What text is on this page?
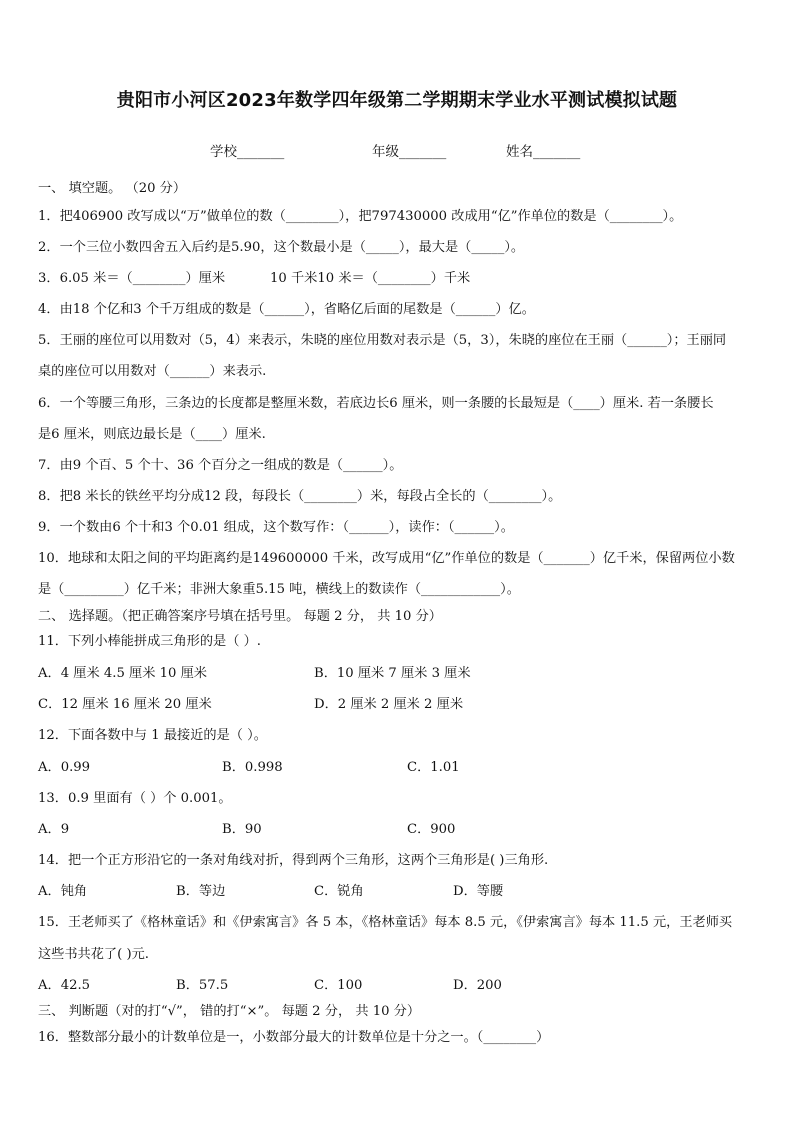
贵阳市小河区2023年数学四年级第二学期期末学业水平测试模拟试题
学校_______	年级_______	姓名_______
一、 填空题。 （20 分）
1．把406900 改写成以“万”做单位的数（________），把797430000 改成用“亿”作单位的数是（________）。
2．一个三位小数四舍五入后约是5.90，这个数最小是（_____），最大是（_____）。
3．6.05 米＝（________）厘米	10 千米10 米＝（________）千米
4．由18 个亿和3 个千万组成的数是（______），省略亿后面的尾数是（______）亿。
5．王丽的座位可以用数对（5，4）来表示，朱晓的座位用数对表示是（5，3），朱晓的座位在王丽（______）；王丽同
桌的座位可以用数对（______）来表示.
6．一个等腰三角形，三条边的长度都是整厘米数，若底边长6 厘米，则一条腰的长最短是（____）厘米. 若一条腰长
是6 厘米，则底边最长是（____）厘米.
7．由9 个百、5 个十、36 个百分之一组成的数是（______）。
8．把8 米长的铁丝平均分成12 段，每段长（________）米，每段占全长的（________）。
9．一个数由6 个十和3 个0.01 组成，这个数写作：（______），读作：（______）。
10．地球和太阳之间的平均距离约是149600000 千米，改写成用“亿”作单位的数是（_______）亿千米，保留两位小数
是（_________）亿千米；非洲大象重5.15 吨，横线上的数读作（____________）。
二、 选择题。（把正确答案序号填在括号里。 每题 2 分， 共 10 分）
11．下列小棒能拼成三角形的是（ ）.
A．4 厘米 4.5 厘米 10 厘米	B．10 厘米 7 厘米 3 厘米
C．12 厘米 16 厘米 20 厘米	D．2 厘米 2 厘米 2 厘米
12．下面各数中与 1 最接近的是（ ）。
A．0.99	B．0.998	C．1.01
13．0.9 里面有（ ）个 0.001。
A．9	B．90	C．900
14．把一个正方形沿它的一条对角线对折，得到两个三角形，这两个三角形是( )三角形.
A．钝角	B．等边	C．锐角	D．等腰
15．王老师买了《格林童话》和《伊索寓言》各 5 本，《格林童话》每本 8.5 元，《伊索寓言》每本 11.5 元，王老师买
这些书共花了( )元.
A．42.5	B．57.5	C．100	D．200
三、 判断题（对的打“√”， 错的打“×”。 每题 2 分， 共 10 分）
16．整数部分最小的计数单位是一，小数部分最大的计数单位是十分之一。（________）
